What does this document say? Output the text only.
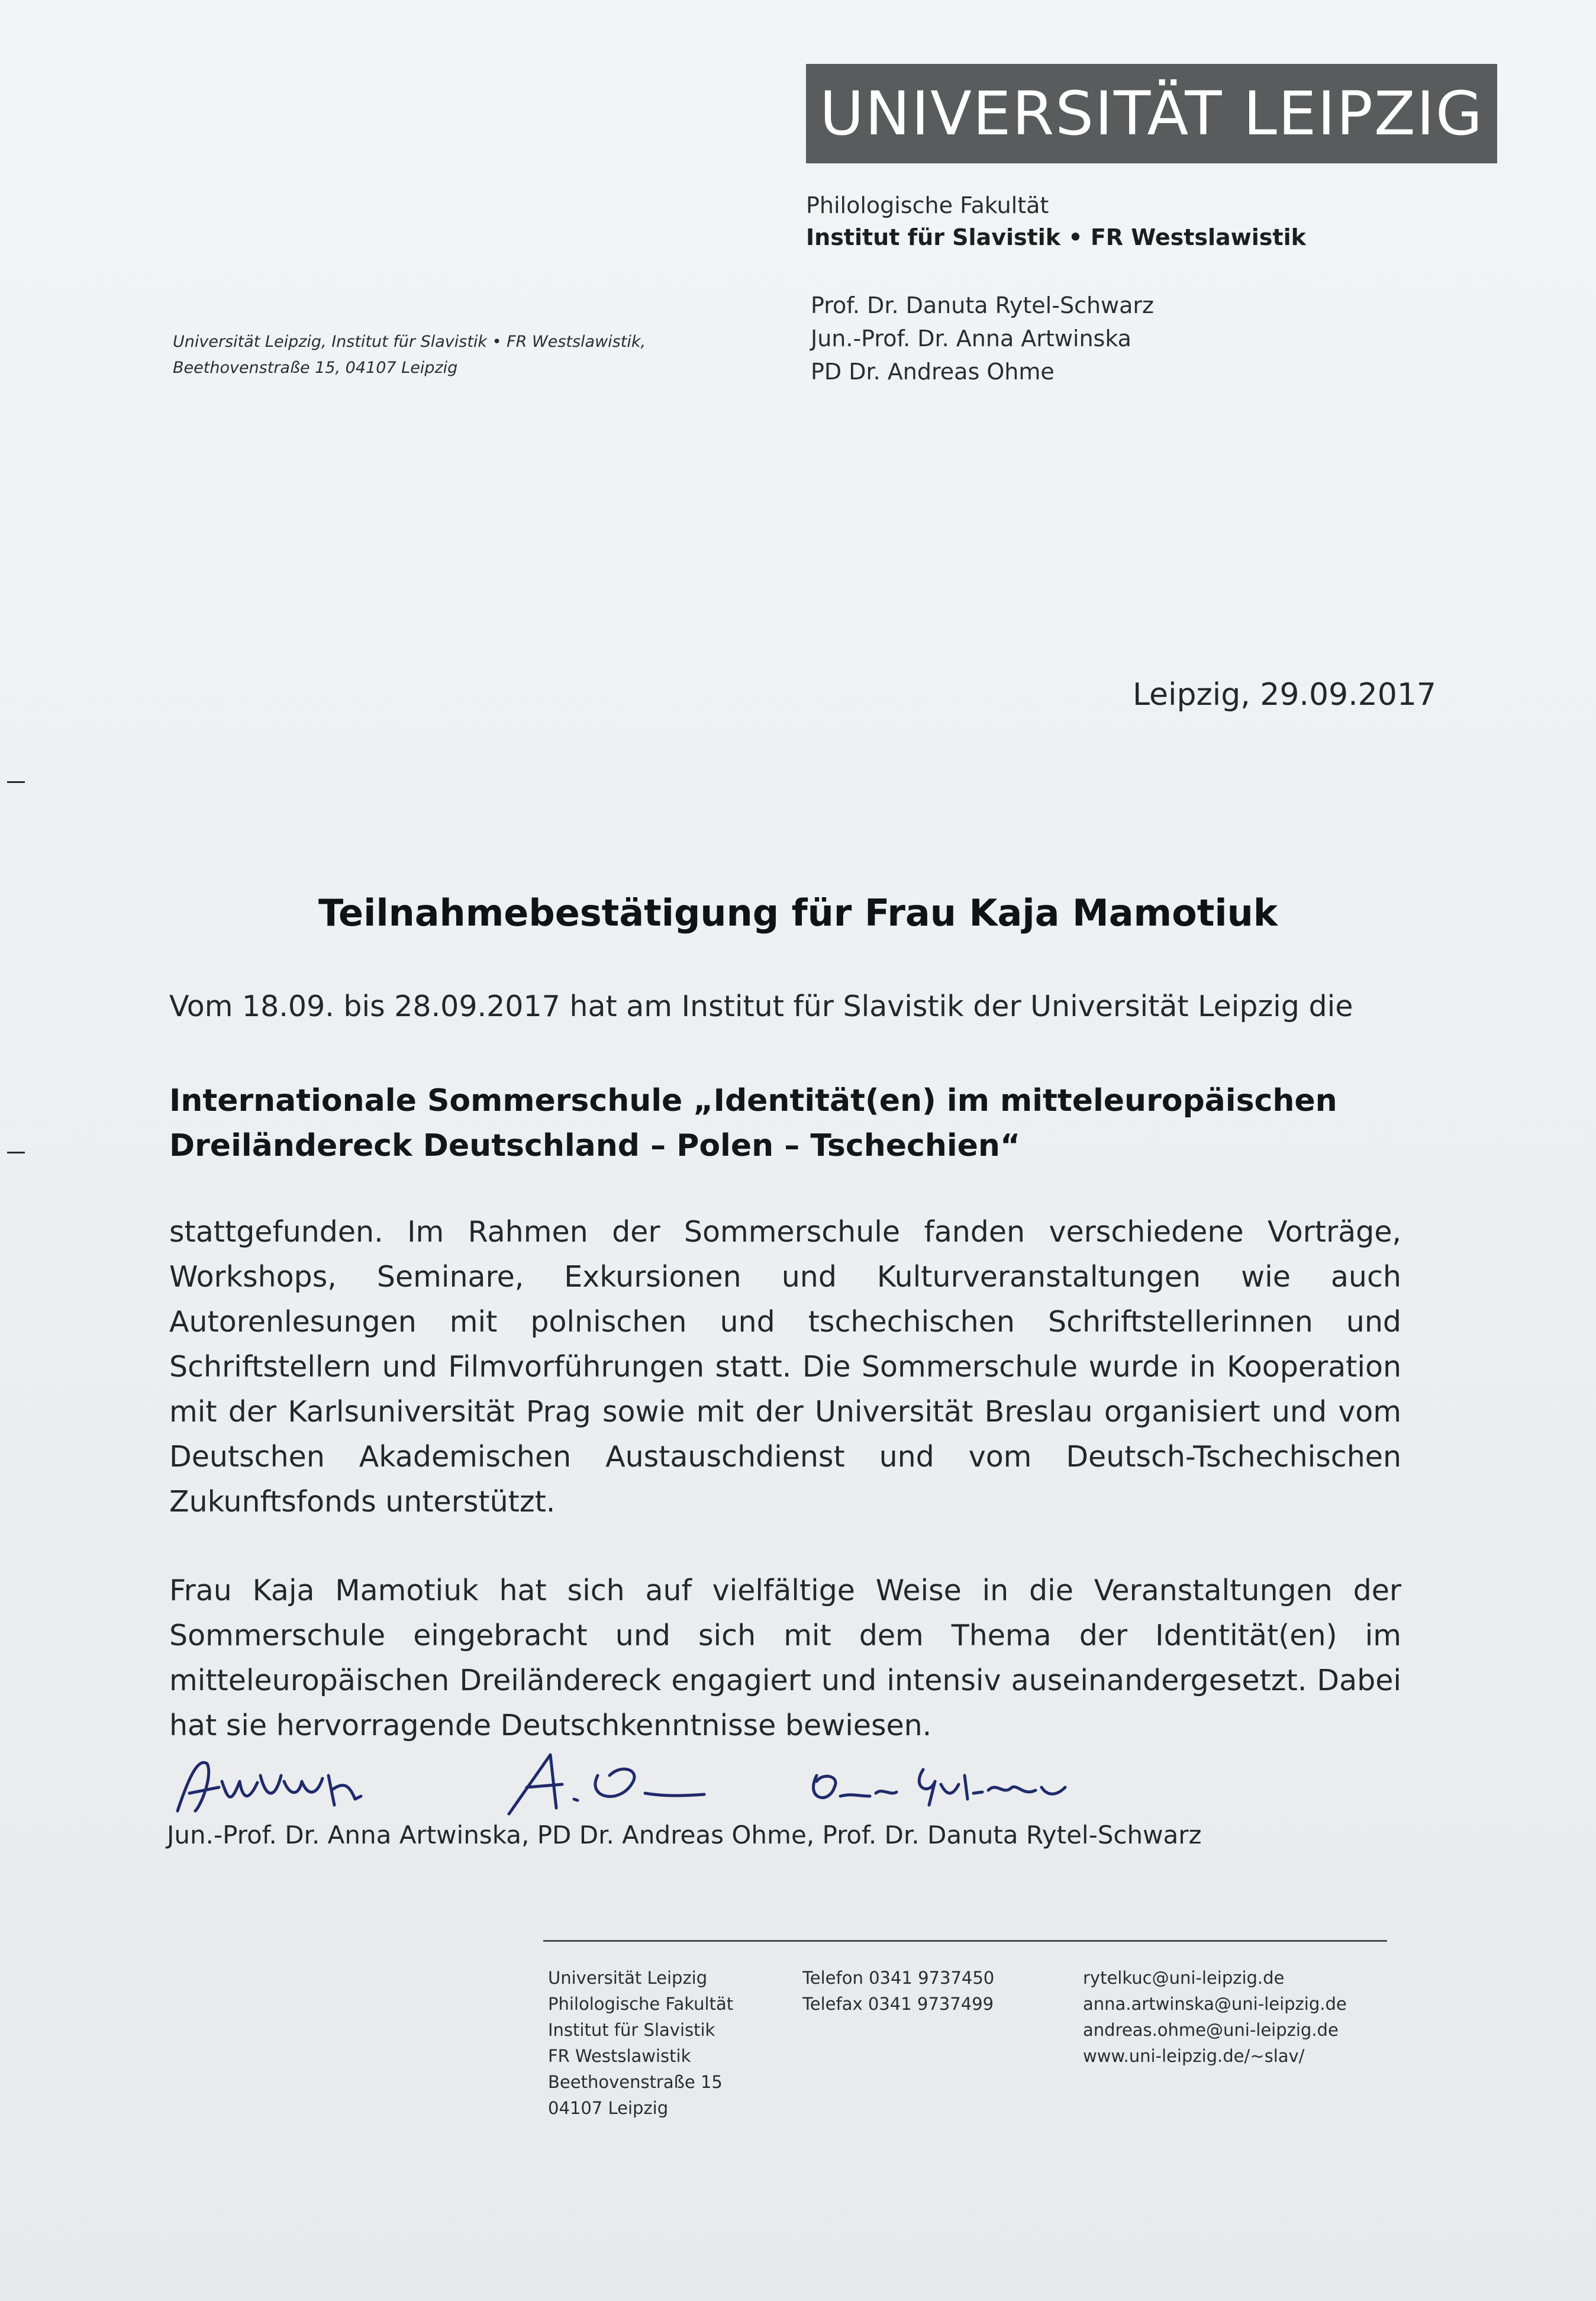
UNIVERSITÄT LEIPZIG
Philologische Fakultät
Institut für Slavistik • FR Westslawistik
Prof. Dr. Danuta Rytel-Schwarz
Jun.-Prof. Dr. Anna Artwinska
PD Dr. Andreas Ohme
Universität Leipzig, Institut für Slavistik • FR Westslawistik,
Beethovenstraße 15, 04107 Leipzig
Leipzig, 29.09.2017
Teilnahmebestätigung für Frau Kaja Mamotiuk
Vom 18.09. bis 28.09.2017 hat am Institut für Slavistik der Universität Leipzig die
Internationale Sommerschule „Identität(en) im mitteleuropäischen
Dreiländereck Deutschland – Polen – Tschechien“
stattgefunden. Im Rahmen der Sommerschule fanden verschiedene Vorträge, Workshops, Seminare, Exkursionen und Kulturveranstaltungen wie auch Autorenlesungen mit polnischen und tschechischen Schriftstellerinnen und Schriftstellern und Filmvorführungen statt. Die Sommerschule wurde in Kooperation mit der Karlsuniversität Prag sowie mit der Universität Breslau organisiert und vom Deutschen Akademischen Austauschdienst und vom Deutsch-Tschechischen Zukunftsfonds unterstützt.
Frau Kaja Mamotiuk hat sich auf vielfältige Weise in die Veranstaltungen der Sommerschule eingebracht und sich mit dem Thema der Identität(en) im mitteleuropäischen Dreiländereck engagiert und intensiv auseinandergesetzt. Dabei hat sie hervorragende Deutschkenntnisse bewiesen.
Jun.-Prof. Dr. Anna Artwinska, PD Dr. Andreas Ohme, Prof. Dr. Danuta Rytel-Schwarz
Universität Leipzig
Philologische Fakultät
Institut für Slavistik
FR Westslawistik
Beethovenstraße 15
04107 Leipzig
Telefon 0341 9737450
Telefax 0341 9737499
rytelkuc@uni-leipzig.de
anna.artwinska@uni-leipzig.de
andreas.ohme@uni-leipzig.de
www.uni-leipzig.de/~slav/
